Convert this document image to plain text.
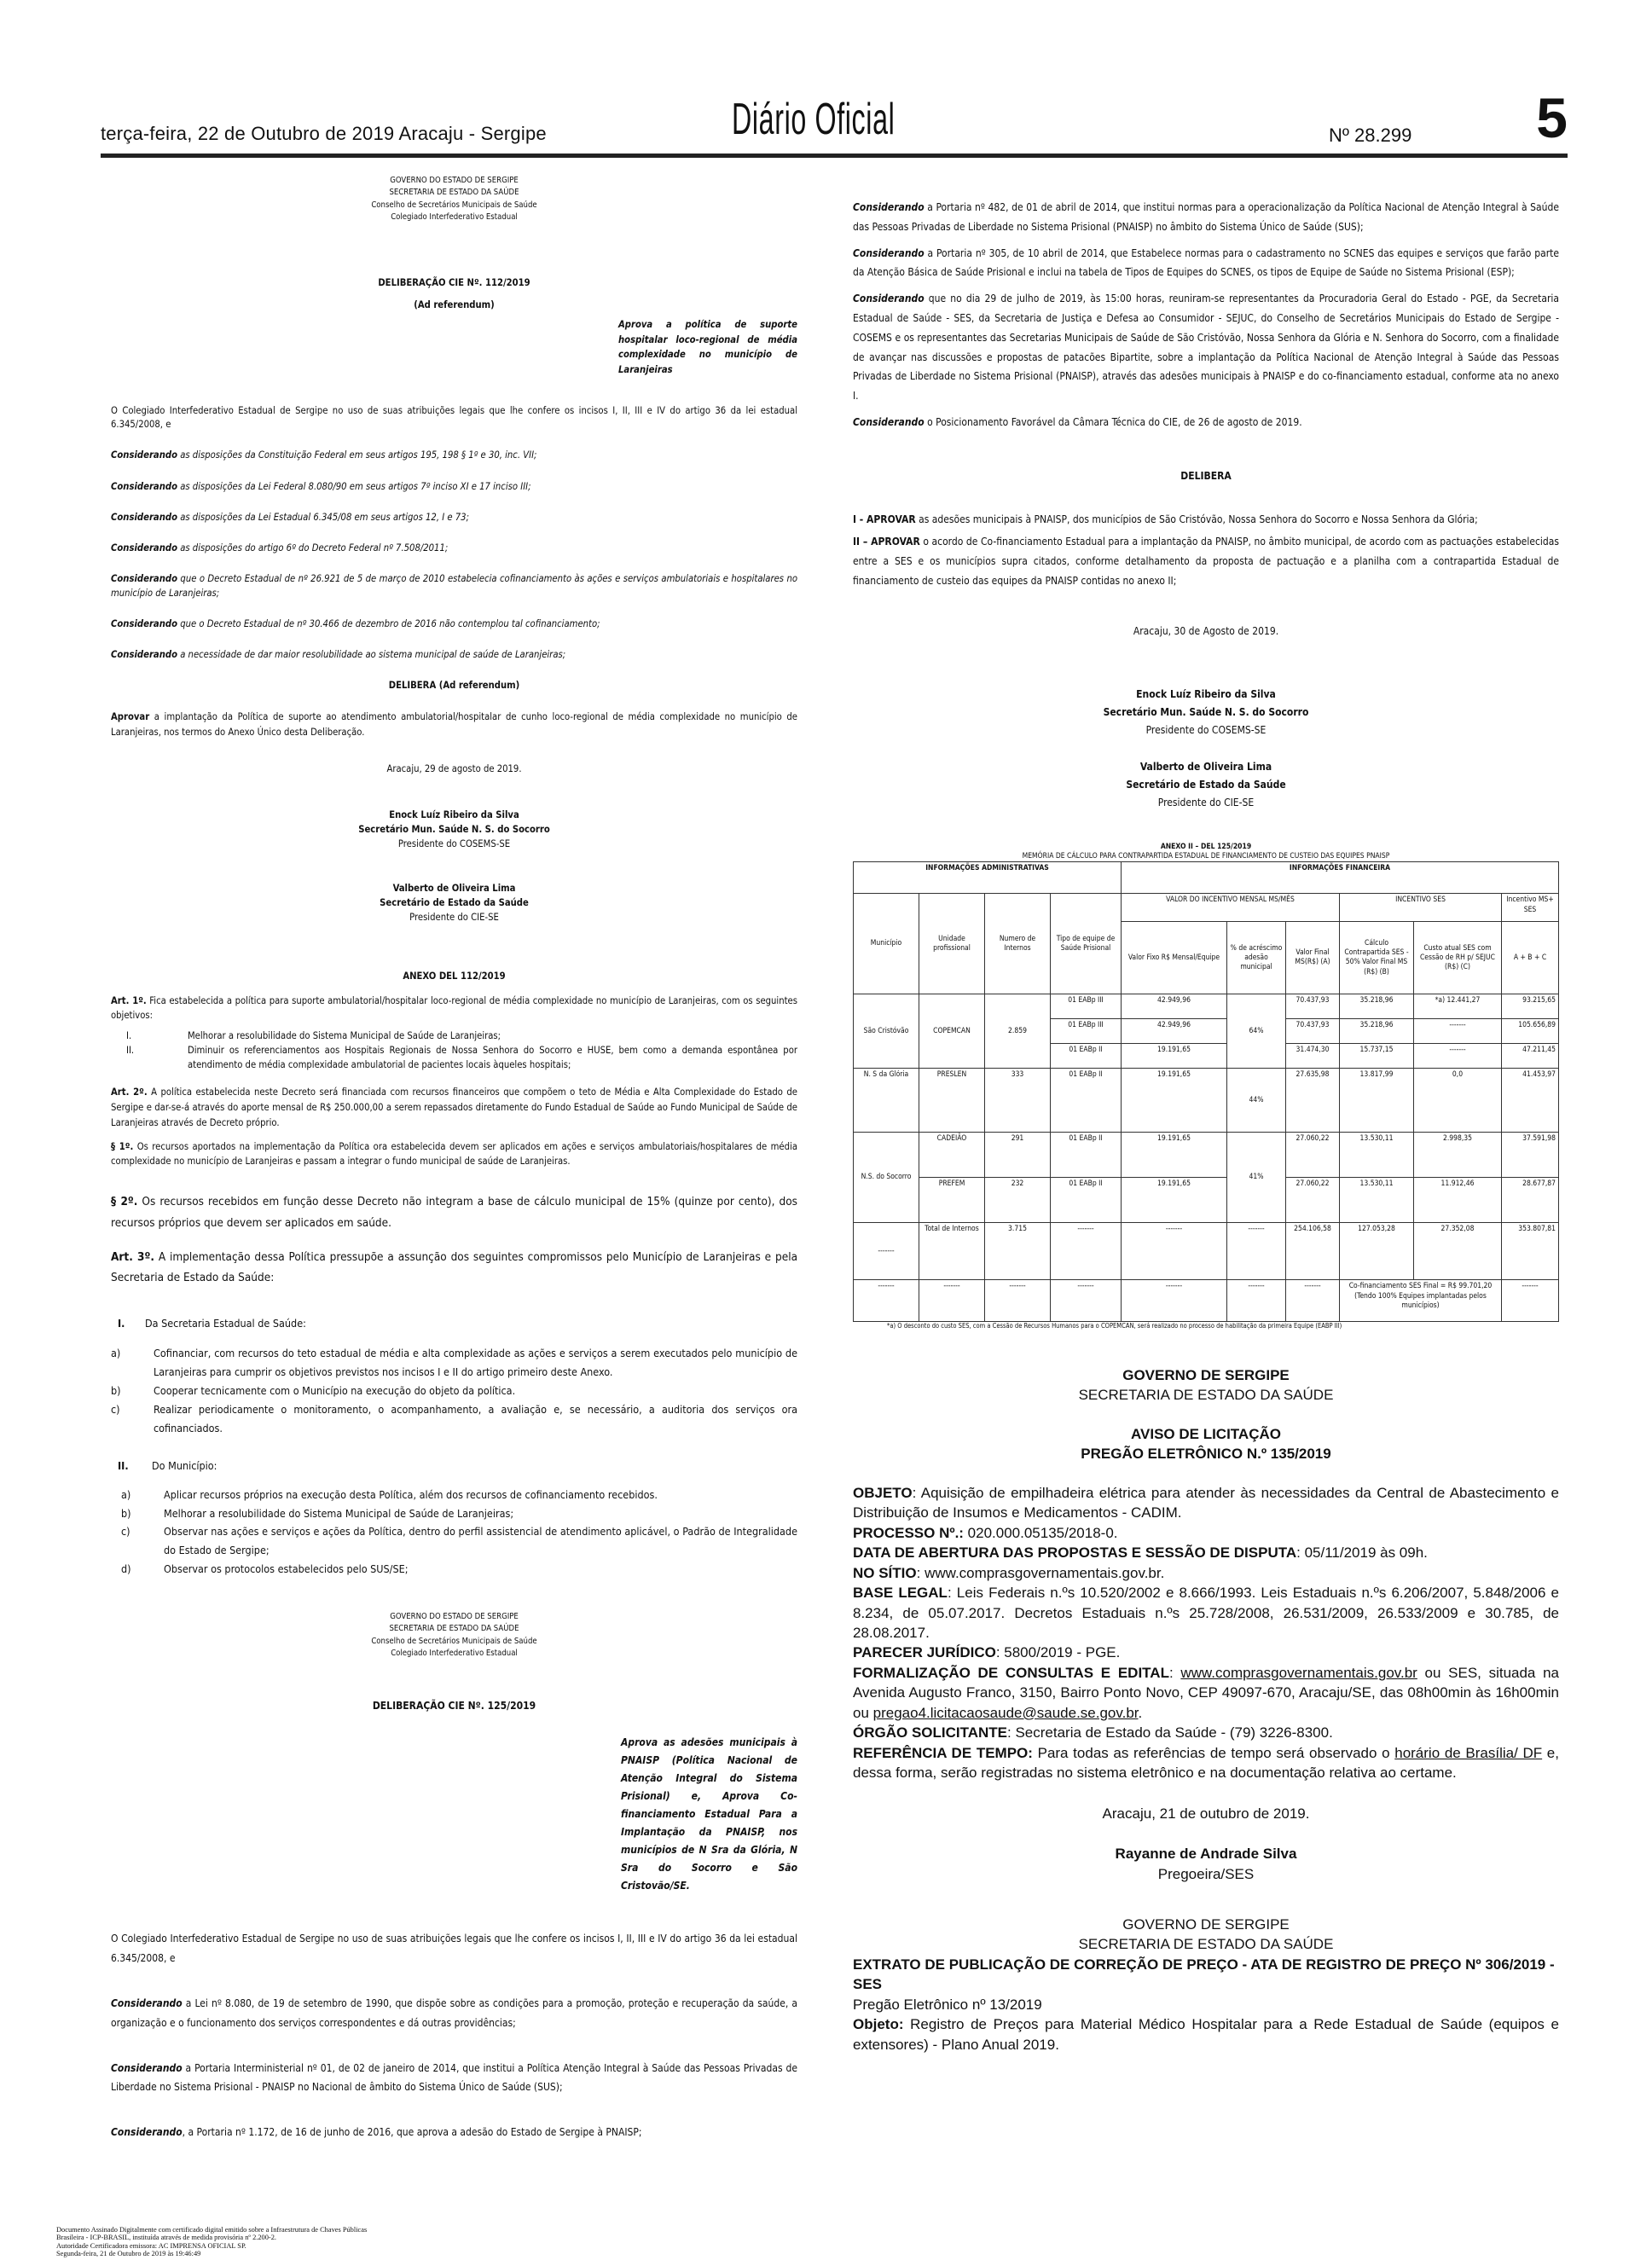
terça-feira, 22 de Outubro de 2019 Aracaju - Sergipe	Diário Oficial	Nº 28.299 5
GOVERNO DO ESTADO DE SERGIPE
SECRETARIA DE ESTADO DA SAÚDE
Conselho de Secretários Municipais de Saúde
Colegiado Interfederativo Estadual

DELIBERAÇÃO CIE Nº. 112/2019

(Ad referendum)

Aprova a política de suporte hospitalar loco-regional de média complexidade no município de Laranjeiras

O Colegiado Interfederativo Estadual de Sergipe no uso de suas atribuições legais que lhe confere os incisos I, II, III e IV do artigo 36 da lei estadual 6.345/2008, e

Considerando as disposições da Constituição Federal em seus artigos 195, 198 § 1º e 30, inc. VII;

Considerando as disposições da Lei Federal 8.080/90 em seus artigos 7º inciso XI e 17 inciso III;

Considerando as disposições da Lei Estadual 6.345/08 em seus artigos 12, I e 73;

Considerando as disposições do artigo 6º do Decreto Federal nº 7.508/2011;

Considerando que o Decreto Estadual de nº 26.921 de 5 de março de 2010 estabelecia cofinanciamento às ações e serviços ambulatoriais e hospitalares no município de Laranjeiras;

Considerando que o Decreto Estadual de nº 30.466 de dezembro de 2016 não contemplou tal cofinanciamento;

Considerando a necessidade de dar maior resolubilidade ao sistema municipal de saúde de Laranjeiras;

DELIBERA (Ad referendum)

Aprovar a implantação da Política de suporte ao atendimento ambulatorial/hospitalar de cunho loco-regional de média complexidade no município de Laranjeiras, nos termos do Anexo Único desta Deliberação.

Aracaju, 29 de agosto de 2019.

Enock Luíz Ribeiro da Silva
Secretário Mun. Saúde N. S. do Socorro
Presidente do COSEMS-SE
Valberto de Oliveira Lima
Secretário de Estado da Saúde
Presidente do CIE-SE

ANEXO DEL 112/2019

Art. 1º. Fica estabelecida a política para suporte ambulatorial/hospitalar loco-regional de média complexidade no município de Laranjeiras, com os seguintes objetivos:

I.	Melhorar a resolubilidade do Sistema Municipal de Saúde de Laranjeiras;
II.	Diminuir os referenciamentos aos Hospitais Regionais de Nossa Senhora do Socorro e HUSE, bem como a demanda espontânea por atendimento de média complexidade ambulatorial de pacientes locais àqueles hospitais;

Art. 2º. A política estabelecida neste Decreto será financiada com recursos financeiros que compõem o teto de Média e Alta Complexidade do Estado de Sergipe e dar-se-á através do aporte mensal de R$ 250.000,00 a serem repassados diretamente do Fundo Estadual de Saúde ao Fundo Municipal de Saúde de Laranjeiras através de Decreto próprio.

§ 1º. Os recursos aportados na implementação da Política ora estabelecida devem ser aplicados em ações e serviços ambulatoriais/hospitalares de média complexidade no município de Laranjeiras e passam a integrar o fundo municipal de saúde de Laranjeiras.

§ 2º. Os recursos recebidos em função desse Decreto não integram a base de cálculo municipal de 15% (quinze por cento), dos recursos próprios que devem ser aplicados em saúde.

Art. 3º. A implementação dessa Política pressupõe a assunção dos seguintes compromissos pelo Município de Laranjeiras e pela Secretaria de Estado da Saúde:

I.	Da Secretaria Estadual de Saúde:
a)	Cofinanciar, com recursos do teto estadual de média e alta complexidade as ações e serviços a serem executados pelo município de Laranjeiras para cumprir os objetivos previstos nos incisos I e II do artigo primeiro deste Anexo.
b)	Cooperar tecnicamente com o Município na execução do objeto da política.
c)	Realizar periodicamente o monitoramento, o acompanhamento, a avaliação e, se necessário, a auditoria dos serviços ora cofinanciados.
II.	Do Município:
a)	Aplicar recursos próprios na execução desta Política, além dos recursos de cofinanciamento recebidos.
b)	Melhorar a resolubilidade do Sistema Municipal de Saúde de Laranjeiras;
c)	Observar nas ações e serviços e ações da Política, dentro do perfil assistencial de atendimento aplicável, o Padrão de Integralidade do Estado de Sergipe;
d)	Observar os protocolos estabelecidos pelo SUS/SE;
GOVERNO DO ESTADO DE SERGIPE
SECRETARIA DE ESTADO DA SAÚDE
Conselho de Secretários Municipais de Saúde
Colegiado Interfederativo Estadual

DELIBERAÇÃO CIE Nº. 125/2019

Aprova as adesões municipais à PNAISP (Política Nacional de Atenção Integral do Sistema Prisional) e, Aprova Co-financiamento Estadual Para a Implantação da PNAISP, nos municípios de N Sra da Glória, N Sra do Socorro e São Cristovão/SE.

O Colegiado Interfederativo Estadual de Sergipe no uso de suas atribuições legais que lhe confere os incisos I, II, III e IV do artigo 36 da lei estadual 6.345/2008, e

Considerando a Lei nº 8.080, de 19 de setembro de 1990, que dispõe sobre as condições para a promoção, proteção e recuperação da saúde, a organização e o funcionamento dos serviços correspondentes e dá outras providências;

Considerando a Portaria Interministerial nº 01, de 02 de janeiro de 2014, que institui a Política Atenção Integral à Saúde das Pessoas Privadas de Liberdade no Sistema Prisional - PNAISP no Nacional de âmbito do Sistema Único de Saúde (SUS);

Considerando, a Portaria nº 1.172, de 16 de junho de 2016, que aprova a adesão do Estado de Sergipe à PNAISP;

Considerando a Portaria nº 482, de 01 de abril de 2014, que institui normas para a operacionalização da Política Nacional de Atenção Integral à Saúde das Pessoas Privadas de Liberdade no Sistema Prisional (PNAISP) no âmbito do Sistema Único de Saúde (SUS);

Considerando a Portaria nº 305, de 10 abril de 2014, que Estabelece normas para o cadastramento no SCNES das equipes e serviços que farão parte da Atenção Básica de Saúde Prisional e inclui na tabela de Tipos de Equipes do SCNES, os tipos de Equipe de Saúde no Sistema Prisional (ESP);

Considerando que no dia 29 de julho de 2019, às 15:00 horas, reuniram-se representantes da Procuradoria Geral do Estado - PGE, da Secretaria Estadual de Saúde - SES, da Secretaria de Justiça e Defesa ao Consumidor - SEJUC, do Conselho de Secretários Municipais do Estado de Sergipe - COSEMS e os representantes das Secretarias Municipais de Saúde de São Cristóvão, Nossa Senhora da Glória e N. Senhora do Socorro, com a finalidade de avançar nas discussões e propostas de patacões Bipartite, sobre a implantação da Política Nacional de Atenção Integral à Saúde das Pessoas Privadas de Liberdade no Sistema Prisional (PNAISP), através das adesões municipais à PNAISP e do co-financiamento estadual, conforme ata no anexo I.

Considerando o Posicionamento Favorável da Câmara Técnica do CIE, de 26 de agosto de 2019.

DELIBERA

I - APROVAR as adesões municipais à PNAISP, dos municípios de São Cristóvão, Nossa Senhora do Socorro e Nossa Senhora da Glória;

II – APROVAR o acordo de Co-financiamento Estadual para a implantação da PNAISP, no âmbito municipal, de acordo com as pactuações estabelecidas entre a SES e os municípios supra citados, conforme detalhamento da proposta de pactuação e a planilha com a contrapartida Estadual de financiamento de custeio das equipes da PNAISP contidas no anexo II;

Aracaju, 30 de Agosto de 2019.

Enock Luíz Ribeiro da Silva
Secretário Mun. Saúde N. S. do Socorro
Presidente do COSEMS-SE
Valberto de Oliveira Lima
Secretário de Estado da Saúde
Presidente do CIE-SE
ANEXO II – DEL 125/2019
MEMÓRIA DE CÁLCULO PARA CONTRAPARTIDA ESTADUAL DE FINANCIAMENTO DE CUSTEIO DAS EQUIPES PNAISP
INFORMAÇÕES ADMINISTRATIVAS				INFORMAÇÕES FINANCEIRA					
Município	Unidade profissional	Numero de Internos	Tipo de equipe de Saúde Prisional	VALOR DO INCENTIVO MENSAL MS/MÊS			INCENTIVO SES		Incentivo MS+ SES
				Valor Fixo R$ Mensal/Equipe	% de acréscimo adesão municipal	Valor Final MS(R$) (A)	Cálculo Contrapartida SES - 50% Valor Final MS (R$) (B)	Custo atual SES com Cessão de RH p/ SEJUC (R$) (C)	A + B + C
São Cristóvão	COPEMCAN	2.859	01 EABp III	42.949,96	64%	70.437,93	35.218,96	*a) 12.441,27	93.215,65
			01 EABp III	42.949,96		70.437,93	35.218,96	-------	105.656,89
			01 EABp II	19.191,65		31.474,30	15.737,15	-------	47.211,45
N. S da Glória	PRESLEN	333	01 EABp II	19.191,65	44%	27.635,98	13.817,99	0,0	41.453,97
N.S. do Socorro	CADEIÃO	291	01 EABp II	19.191,65	41%	27.060,22	13.530,11	2.998,35	37.591,98
	PREFEM	232	01 EABp II	19.191,65		27.060,22	13.530,11	11.912,46	28.677,87
-------	Total de Internos	3.715	-------	-------	-------	254.106,58	127.053,28	27.352,08	353.807,81
-------	-------	-------	-------	-------	-------	-------	Co-financiamento SES Final = R$ 99.701,20 (Tendo 100% Equipes implantadas pelos municípios)		-------
*a) O desconto do custo SES, com a Cessão de Recursos Humanos para o COPEMCAN, será realizado no processo de habilitação da primeira Equipe (EABP III)
GOVERNO DE SERGIPE
SECRETARIA DE ESTADO DA SAÚDE
AVISO DE LICITAÇÃO
PREGÃO ELETRÔNICO N.º 135/2019

OBJETO: Aquisição de empilhadeira elétrica para atender às necessidades da Central de Abastecimento e Distribuição de Insumos e Medicamentos - CADIM.

PROCESSO Nº.: 020.000.05135/2018-0.

DATA DE ABERTURA DAS PROPOSTAS E SESSÃO DE DISPUTA: 05/11/2019 às 09h.

NO SÍTIO: www.comprasgovernamentais.gov.br.

BASE LEGAL: Leis Federais n.ºs 10.520/2002 e 8.666/1993. Leis Estaduais n.ºs 6.206/2007, 5.848/2006 e 8.234, de 05.07.2017. Decretos Estaduais n.ºs 25.728/2008, 26.531/2009, 26.533/2009 e 30.785, de 28.08.2017.

PARECER JURÍDICO: 5800/2019 - PGE.

FORMALIZAÇÃO DE CONSULTAS E EDITAL: www.comprasgovernamentais.gov.br ou SES, situada na Avenida Augusto Franco, 3150, Bairro Ponto Novo, CEP 49097-670, Aracaju/SE, das 08h00min às 16h00min ou pregao4.licitacaosaude@saude.se.gov.br.

ÓRGÃO SOLICITANTE: Secretaria de Estado da Saúde - (79) 3226-8300.

REFERÊNCIA DE TEMPO: Para todas as referências de tempo será observado o horário de Brasília/ DF e, dessa forma, serão registradas no sistema eletrônico e na documentação relativa ao certame.

Aracaju, 21 de outubro de 2019.

Rayanne de Andrade Silva

Pregoeira/SES

GOVERNO DE SERGIPE
SECRETARIA DE ESTADO DA SAÚDE

EXTRATO DE PUBLICAÇÃO DE CORREÇÃO DE PREÇO - ATA DE REGISTRO DE PREÇO Nº 306/2019 - SES

Pregão Eletrônico nº 13/2019

Objeto: Registro de Preços para Material Médico Hospitalar para a Rede Estadual de Saúde (equipos e extensores) - Plano Anual 2019.

Documento Assinado Digitalmente com certificado digital emitido sobre a Infraestrutura de Chaves Públicas
Brasileira - ICP-BRASIL, instituída através de medida provisória nº 2.200-2.
Autoridade Certificadora emissora: AC IMPRENSA OFICIAL SP.
Segunda-feira, 21 de Outubro de 2019 às 19:46:49
